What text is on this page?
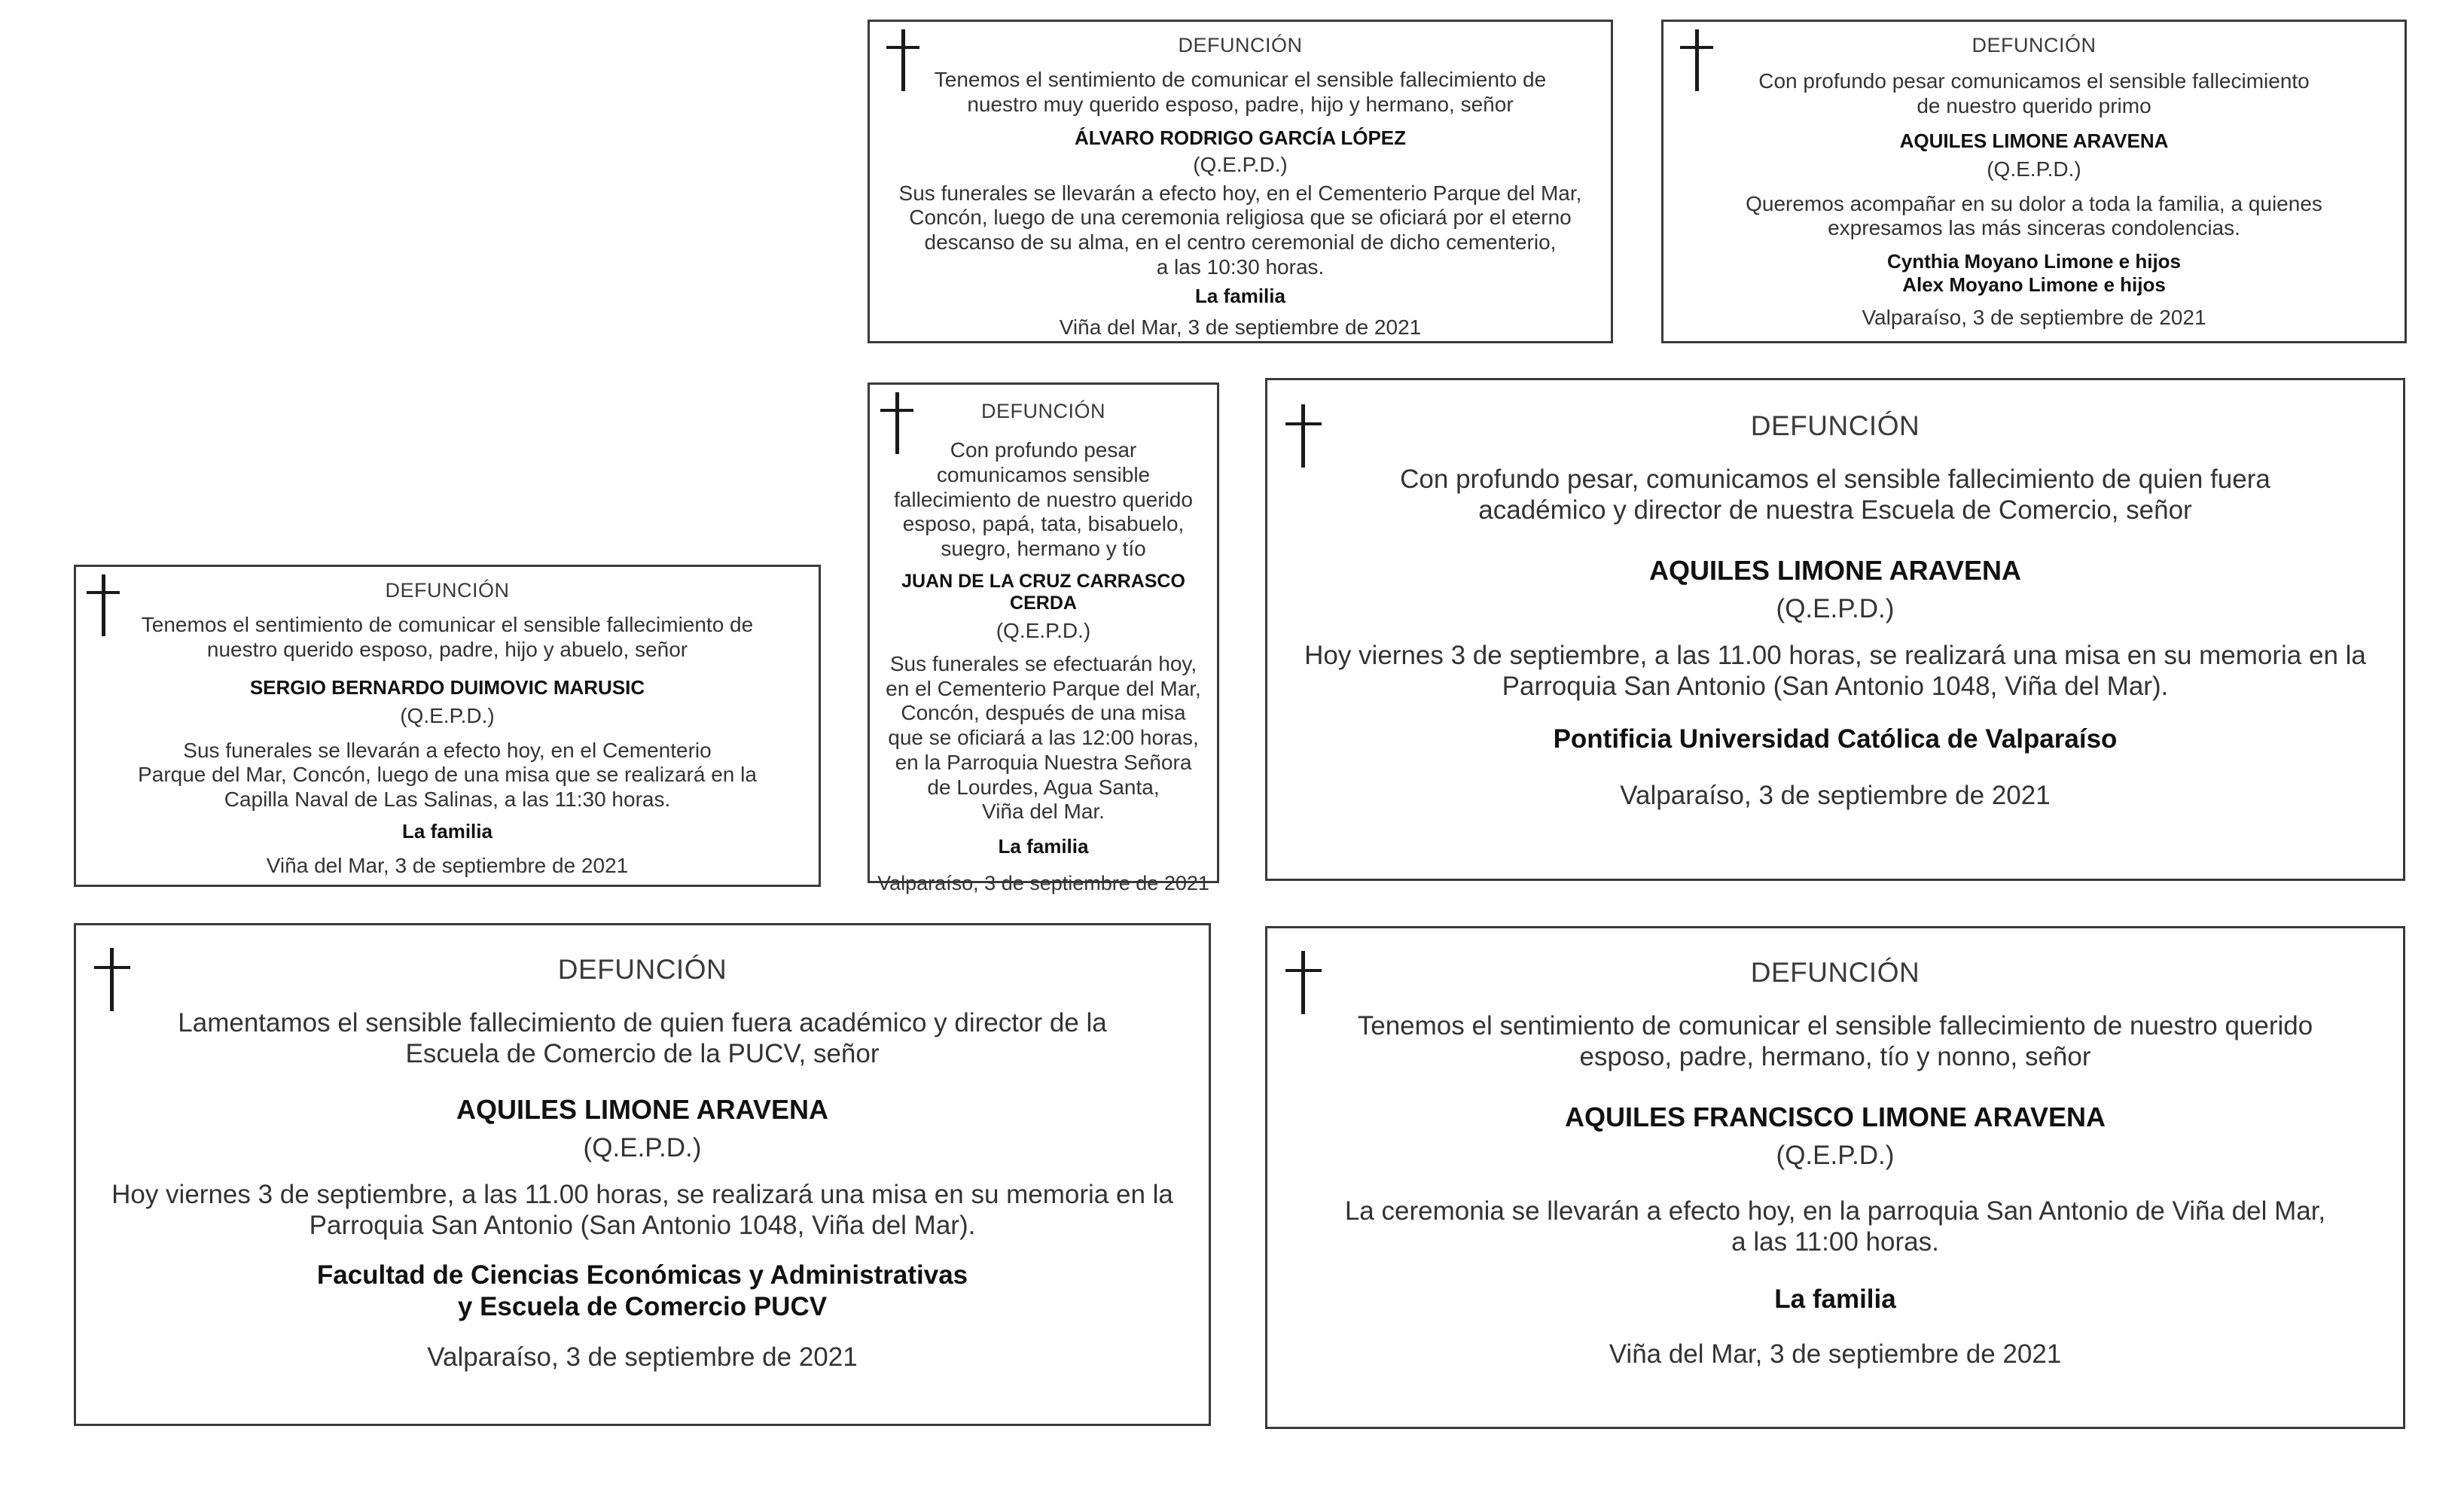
DEFUNCIÓN

Tenemos el sentimiento de comunicar el sensible fallecimiento de
nuestro muy querido esposo, padre, hijo y hermano, señor

ÁLVARO RODRIGO GARCÍA LÓPEZ

(Q.E.P.D.)

Sus funerales se llevarán a efecto hoy, en el Cementerio Parque del Mar,
Concón, luego de una ceremonia religiosa que se oficiará por el eterno
descanso de su alma, en el centro ceremonial de dicho cementerio,
a las 10:30 horas.

La familia

Viña del Mar, 3 de septiembre de 2021

DEFUNCIÓN

Con profundo pesar comunicamos el sensible fallecimiento
de nuestro querido primo

AQUILES LIMONE ARAVENA

(Q.E.P.D.)

Queremos acompañar en su dolor a toda la familia, a quienes
expresamos las más sinceras condolencias.

Cynthia Moyano Limone e hijos
Alex Moyano Limone e hijos

Valparaíso, 3 de septiembre de 2021

DEFUNCIÓN

Con profundo pesar
comunicamos sensible
fallecimiento de nuestro querido
esposo, papá, tata, bisabuelo,
suegro, hermano y tío

JUAN DE LA CRUZ CARRASCO CERDA

(Q.E.P.D.)

Sus funerales se efectuarán hoy,
en el Cementerio Parque del Mar,
Concón, después de una misa
que se oficiará a las 12:00 horas,
en la Parroquia Nuestra Señora
de Lourdes, Agua Santa,
Viña del Mar.

La familia

Valparaíso, 3 de septiembre de 2021

DEFUNCIÓN

Tenemos el sentimiento de comunicar el sensible fallecimiento de
nuestro querido esposo, padre, hijo y abuelo, señor

SERGIO BERNARDO DUIMOVIC MARUSIC

(Q.E.P.D.)

Sus funerales se llevarán a efecto hoy, en el Cementerio
Parque del Mar, Concón, luego de una misa que se realizará en la
Capilla Naval de Las Salinas, a las 11:30 horas.

La familia

Viña del Mar, 3 de septiembre de 2021

DEFUNCIÓN

Con profundo pesar, comunicamos el sensible fallecimiento de quien fuera
académico y director de nuestra Escuela de Comercio, señor

AQUILES LIMONE ARAVENA

(Q.E.P.D.)

Hoy viernes 3 de septiembre, a las 11.00 horas, se realizará una misa en su memoria en la
Parroquia San Antonio (San Antonio 1048, Viña del Mar).

Pontificia Universidad Católica de Valparaíso

Valparaíso, 3 de septiembre de 2021

DEFUNCIÓN

Lamentamos el sensible fallecimiento de quien fuera académico y director de la
Escuela de Comercio de la PUCV, señor

AQUILES LIMONE ARAVENA

(Q.E.P.D.)

Hoy viernes 3 de septiembre, a las 11.00 horas, se realizará una misa en su memoria en la
Parroquia San Antonio (San Antonio 1048, Viña del Mar).

Facultad de Ciencias Económicas y Administrativas
y Escuela de Comercio PUCV

Valparaíso, 3 de septiembre de 2021

DEFUNCIÓN

Tenemos el sentimiento de comunicar el sensible fallecimiento de nuestro querido
esposo, padre, hermano, tío y nonno, señor

AQUILES FRANCISCO LIMONE ARAVENA

(Q.E.P.D.)

La ceremonia se llevarán a efecto hoy, en la parroquia San Antonio de Viña del Mar,
a las 11:00 horas.

La familia

Viña del Mar, 3 de septiembre de 2021
